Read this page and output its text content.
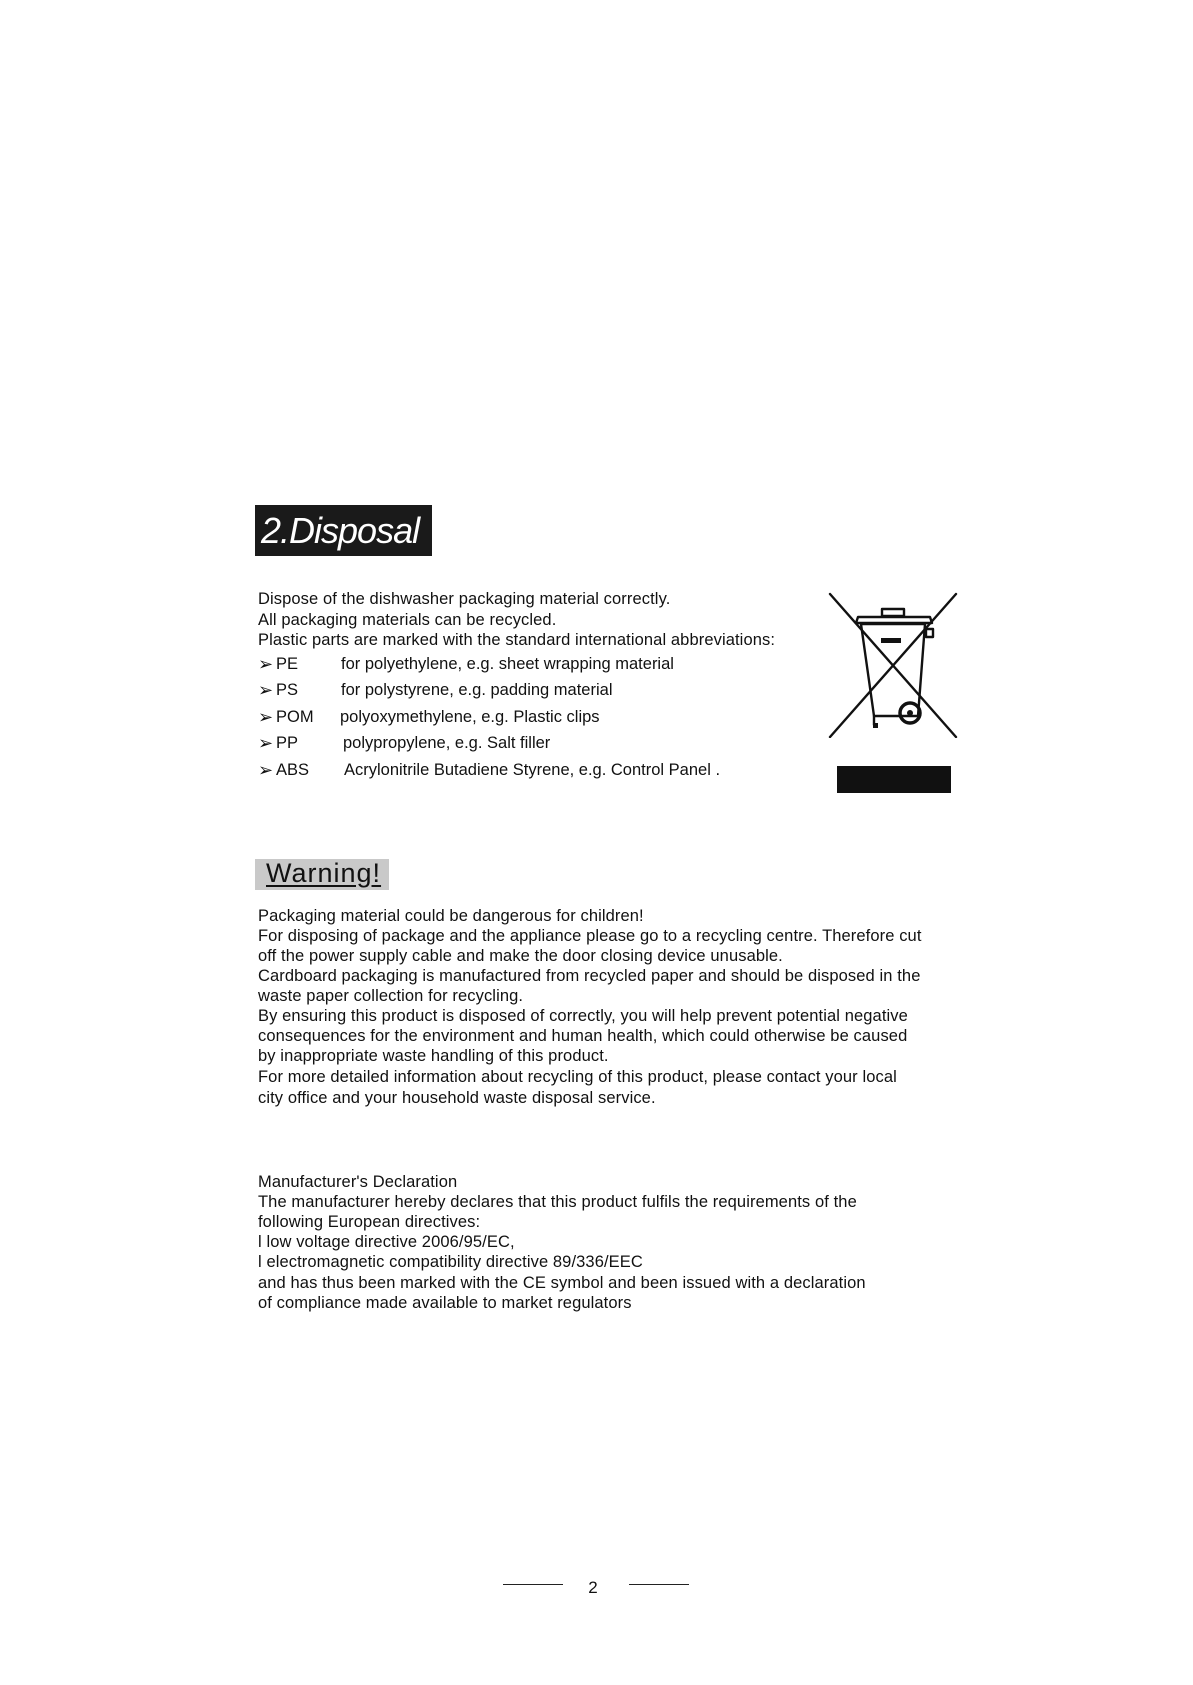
2.Disposal
Dispose of the dishwasher packaging material correctly.
All packaging materials can be recycled.
Plastic parts are marked with the standard international abbreviations:
➢ PE	for polyethylene, e.g. sheet wrapping material
➢ PS	for polystyrene, e.g. padding material
➢ POM polyoxymethylene, e.g. Plastic clips
➢ PP	polypropylene, e.g. Salt filler
➢ ABS Acrylonitrile Butadiene Styrene, e.g. Control Panel .
Warning!
Packaging material could be dangerous for children!
For disposing of package and the appliance please go to a recycling centre. Therefore cut
off the power supply cable and make the door closing device unusable.
Cardboard packaging is manufactured from recycled paper and should be disposed in the
waste paper collection for recycling.
By ensuring this product is disposed of correctly, you will help prevent potential negative
consequences for the environment and human health, which could otherwise be caused
by inappropriate waste handling of this product.
For more detailed information about recycling of this product, please contact your local
city office and your household waste disposal service.
Manufacturer's Declaration
The manufacturer hereby declares that this product fulfils the requirements of the
following European directives:
l low voltage directive 2006/95/EC,
l electromagnetic compatibility directive 89/336/EEC
and has thus been marked with the CE symbol and been issued with a declaration
of compliance made available to market regulators
2
